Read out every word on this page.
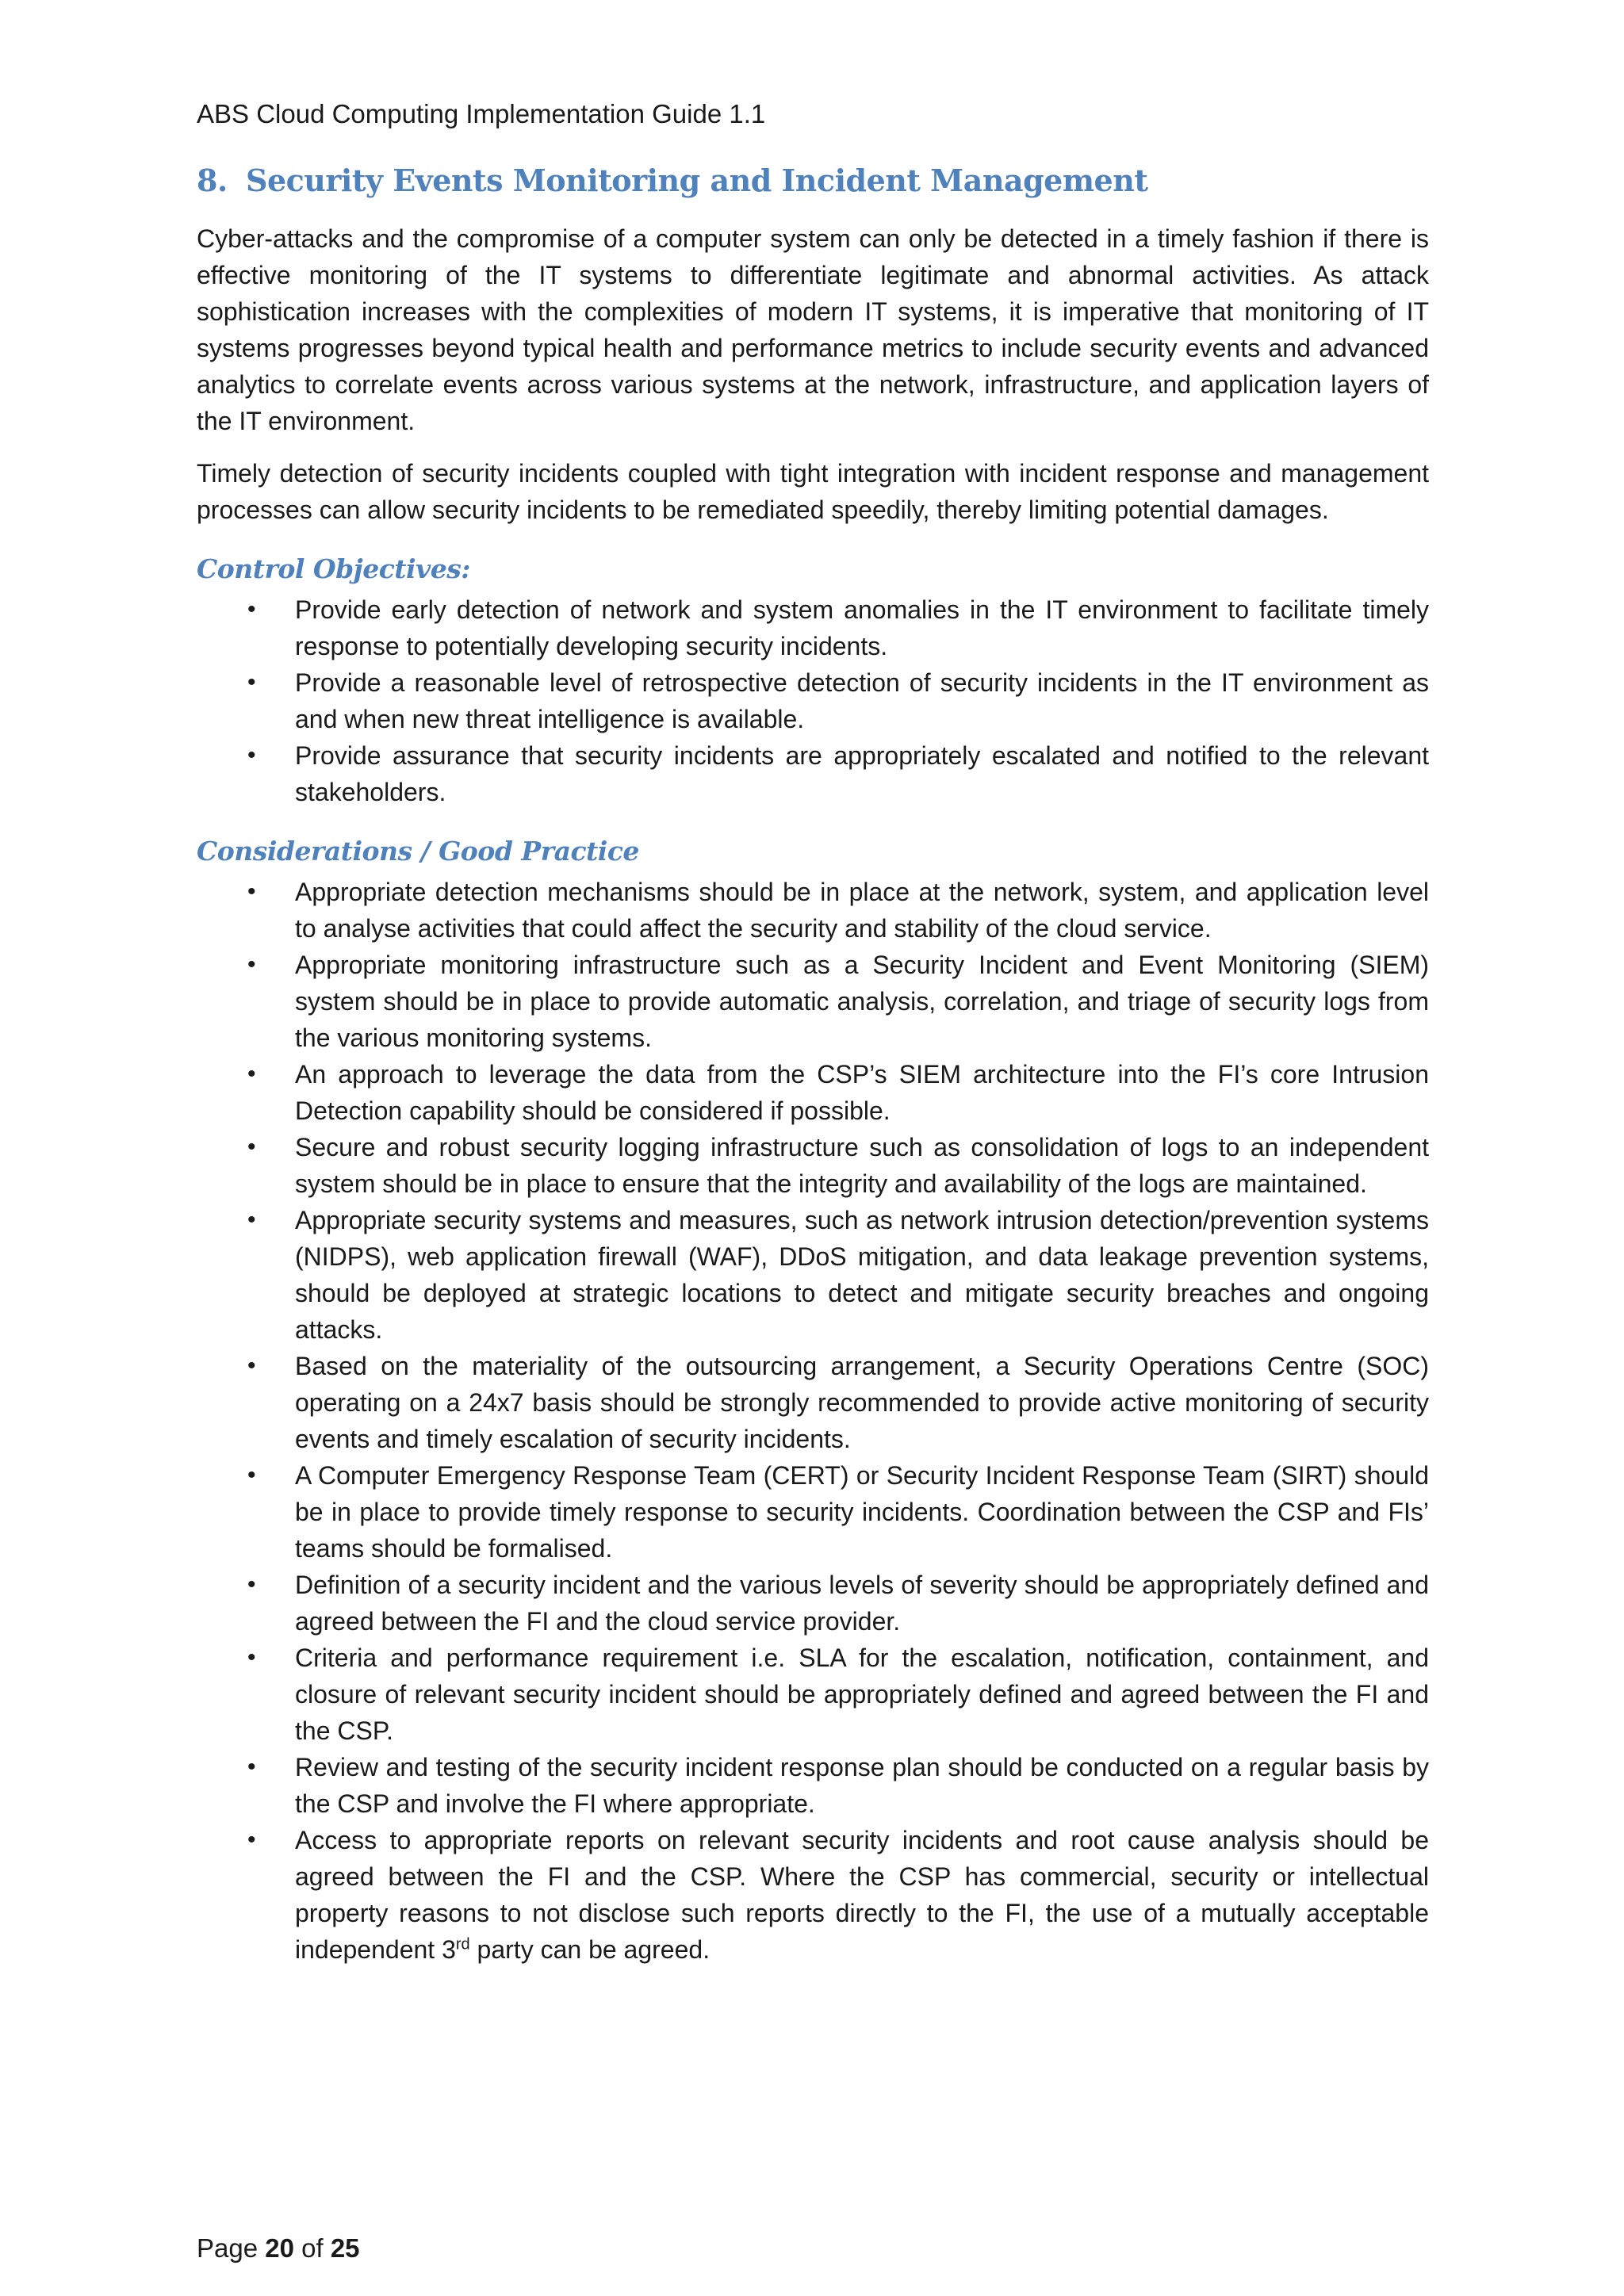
ABS Cloud Computing Implementation Guide 1.1
8. Security Events Monitoring and Incident Management

Cyber-attacks and the compromise of a computer system can only be detected in a timely fashion if there is effective monitoring of the IT systems to differentiate legitimate and abnormal activities. As attack sophistication increases with the complexities of modern IT systems, it is imperative that monitoring of IT systems progresses beyond typical health and performance metrics to include security events and advanced analytics to correlate events across various systems at the network, infrastructure, and application layers of the IT environment.

Timely detection of security incidents coupled with tight integration with incident response and management processes can allow security incidents to be remediated speedily, thereby limiting potential damages.

Control Objectives:
• Provide early detection of network and system anomalies in the IT environment to facilitate timely response to potentially developing security incidents.
• Provide a reasonable level of retrospective detection of security incidents in the IT environment as and when new threat intelligence is available.
• Provide assurance that security incidents are appropriately escalated and notified to the relevant stakeholders.
Considerations / Good Practice
• Appropriate detection mechanisms should be in place at the network, system, and application level to analyse activities that could affect the security and stability of the cloud service.
• Appropriate monitoring infrastructure such as a Security Incident and Event Monitoring (SIEM) system should be in place to provide automatic analysis, correlation, and triage of security logs from the various monitoring systems.
• An approach to leverage the data from the CSP’s SIEM architecture into the FI’s core Intrusion Detection capability should be considered if possible.
• Secure and robust security logging infrastructure such as consolidation of logs to an independent system should be in place to ensure that the integrity and availability of the logs are maintained.
• Appropriate security systems and measures, such as network intrusion detection/prevention systems (NIDPS), web application firewall (WAF), DDoS mitigation, and data leakage prevention systems, should be deployed at strategic locations to detect and mitigate security breaches and ongoing attacks.
• Based on the materiality of the outsourcing arrangement, a Security Operations Centre (SOC) operating on a 24x7 basis should be strongly recommended to provide active monitoring of security events and timely escalation of security incidents.
• A Computer Emergency Response Team (CERT) or Security Incident Response Team (SIRT) should be in place to provide timely response to security incidents. Coordination between the CSP and FIs’ teams should be formalised.
• Definition of a security incident and the various levels of severity should be appropriately defined and agreed between the FI and the cloud service provider.
• Criteria and performance requirement i.e. SLA for the escalation, notification, containment, and closure of relevant security incident should be appropriately defined and agreed between the FI and the CSP.
• Review and testing of the security incident response plan should be conducted on a regular basis by the CSP and involve the FI where appropriate.
• Access to appropriate reports on relevant security incidents and root cause analysis should be agreed between the FI and the CSP. Where the CSP has commercial, security or intellectual property reasons to not disclose such reports directly to the FI, the use of a mutually acceptable independent 3rd party can be agreed.
Page 20 of 25
